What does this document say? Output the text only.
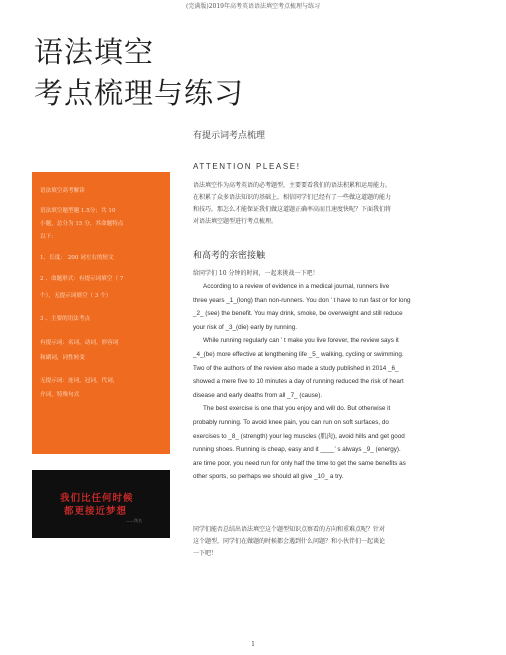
(完满版)2019年高考英语语法填空考点梳理与练习
语法填空
考点梳理与练习
有提示词考点梳理
ATTENTION PLEASE!
语法填空高考解读
语法填空题型题 1.5分；共 10
小题，总分为 15 分，其命题特点
以下：
1、长度： 200 词左右的短文
2 、命题形式：有提示词填空（ 7
个），无提示词填空（ 3 个）
3 、主要的语法考点
有提示词：名词，动词，形容词
和副词，词性转变
无提示词：连词，冠词，代词，
介词，特殊句式
我们比任何时候
都更接近梦想
——佚名
语法填空作为高考英语的必考题型，主要要看我们的语法积累和运用能力。
在积累了众多语法知识的基础上，相信同学们已经有了一些做这道题的能力
和技巧，那怎么才能保证我们做这道题正确率高而且速度快呢？下面我们将
对语法填空题型进行考点梳理。
和高考的亲密接触
给同学们 10 分钟的时间，一起来挑战一下吧！
According to a review of evidence in a medical journal, runners live
three years _1_(long) than non-runners. You don ’ t have to run fast or for long
_2_ (see) the benefit. You may drink, smoke, be overweight and still reduce
your risk of _3_(die) early by running.
While running regularly can ’ t make you live forever, the review says it
_4_(be) more effective at lengthening life _5_ walking, cycling or swimming.
Two of the authors of the review also made a study published in 2014 _6_
showed a mere five to 10 minutes a day of running reduced the risk of heart
disease and early deaths from all _7_ (cause).
The best exercise is one that you enjoy and will do. But otherwise it
probably running. To avoid knee pain, you can run on soft surfaces, do
exercises to _8_ (strength) your leg muscles (肌肉), avoid hills and get good
running shoes. Running is cheap, easy and it ____’ s always _9_ (energy).
are time poor, you need run for only half the time to get the same benefits as
other sports, so perhaps we should all give _10_ a try.
同学们能否总结出语法填空这个题型知识点察看的方向和重难点呢？针对
这个题型，同学们在做题的时候都会遇到什么问题？和小伙伴们一起谈论
一下吧！
1
